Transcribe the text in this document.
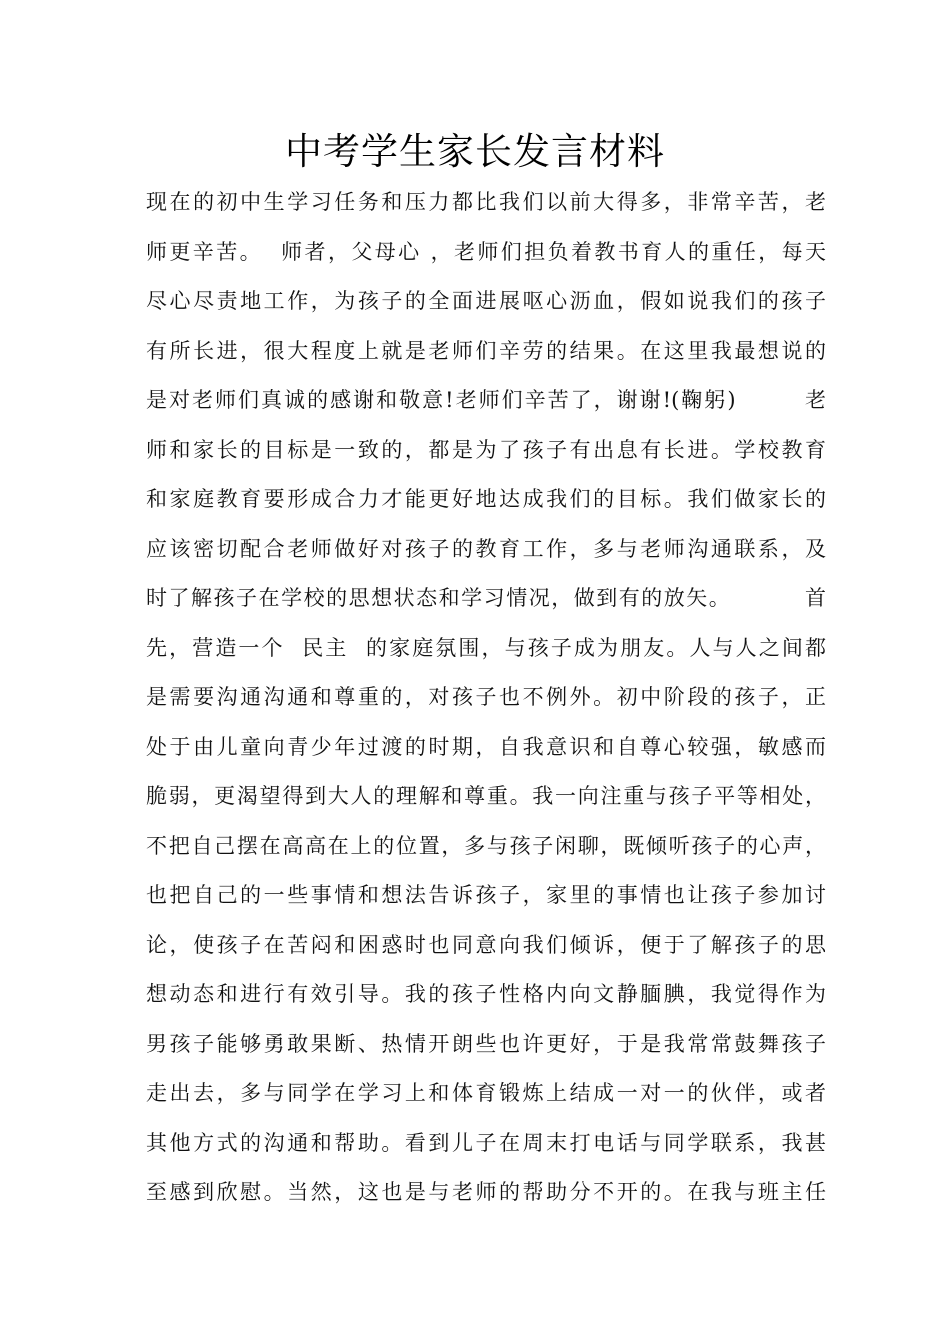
中考学生家长发言材料
现在的初中生学习任务和压力都比我们以前大得多，非常辛苦，老
师更辛苦。  师者，父母心 ，老师们担负着教书育人的重任，每天
尽心尽责地工作，为孩子的全面进展呕心沥血，假如说我们的孩子
有所长进，很大程度上就是老师们辛劳的结果。在这里我最想说的
是对老师们真诚的感谢和敬意!老师们辛苦了，谢谢!(鞠躬)        老
师和家长的目标是一致的，都是为了孩子有出息有长进。学校教育
和家庭教育要形成合力才能更好地达成我们的目标。我们做家长的
应该密切配合老师做好对孩子的教育工作，多与老师沟通联系，及
时了解孩子在学校的思想状态和学习情况，做到有的放矢。         首
先，营造一个  民主  的家庭氛围，与孩子成为朋友。人与人之间都
是需要沟通沟通和尊重的，对孩子也不例外。初中阶段的孩子，正
处于由儿童向青少年过渡的时期，自我意识和自尊心较强，敏感而
脆弱，更渴望得到大人的理解和尊重。我一向注重与孩子平等相处，
不把自己摆在高高在上的位置，多与孩子闲聊，既倾听孩子的心声，
也把自己的一些事情和想法告诉孩子，家里的事情也让孩子参加讨
论，使孩子在苦闷和困惑时也同意向我们倾诉，便于了解孩子的思
想动态和进行有效引导。我的孩子性格内向文静腼腆，我觉得作为
男孩子能够勇敢果断、热情开朗些也许更好，于是我常常鼓舞孩子
走出去，多与同学在学习上和体育锻炼上结成一对一的伙伴，或者
其他方式的沟通和帮助。看到儿子在周末打电话与同学联系，我甚
至感到欣慰。当然，这也是与老师的帮助分不开的。在我与班主任
